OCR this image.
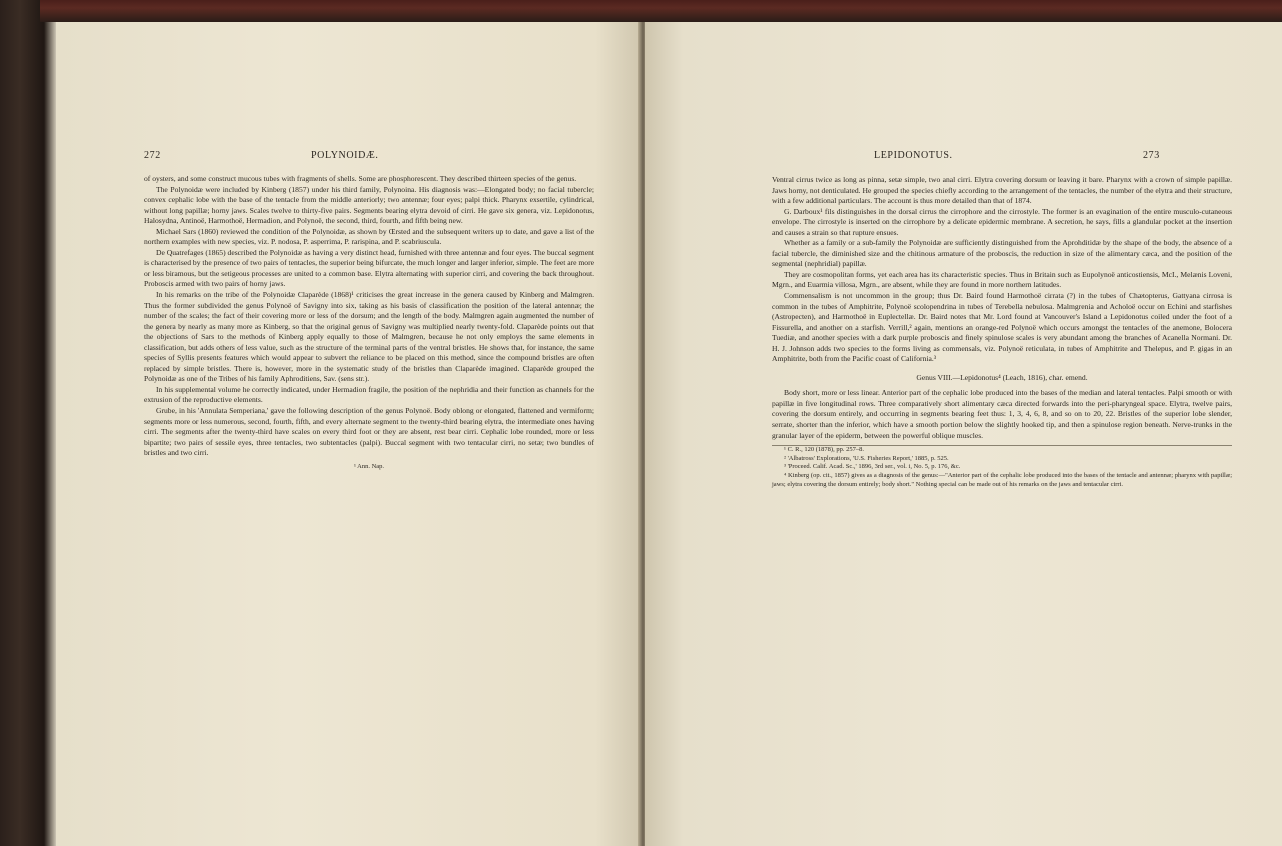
272	POLYNOIDÆ.

of oysters, and some construct mucous tubes with fragments of shells. Some are phosphorescent. They described thirteen species of the genus.

The Polynoidæ were included by Kinberg (1857) under his third family, Polynoina. His diagnosis was:—Elongated body; no facial tubercle; convex cephalic lobe with the base of the tentacle from the middle anteriorly; two antennæ; four eyes; palpi thick. Pharynx exsertile, cylindrical, without long papillæ; horny jaws. Scales twelve to thirty-five pairs. Segments bearing elytra devoid of cirri. He gave six genera, viz. Lepidonotus, Halosydna, Antinoë, Harmothoë, Hermadion, and Polynoë, the second, third, fourth, and fifth being new.

Michael Sars (1860) reviewed the condition of the Polynoidæ, as shown by Œrsted and the subsequent writers up to date, and gave a list of the northern examples with new species, viz. P. nodosa, P. asperrima, P. rarispina, and P. scabriuscula.

De Quatrefages (1865) described the Polynoidæ as having a very distinct head, furnished with three antennæ and four eyes. The buccal segment is characterised by the presence of two pairs of tentacles, the superior being bifurcate, the much longer and larger inferior, simple. The feet are more or less biramous, but the setigeous processes are united to a common base. Elytra alternating with superior cirri, and covering the back throughout. Proboscis armed with two pairs of horny jaws.

In his remarks on the tribe of the Polynoidæ Claparède (1868)¹ criticises the great increase in the genera caused by Kinberg and Malmgren. Thus the former subdivided the genus Polynoë of Savigny into six, taking as his basis of classification the position of the lateral antennæ; the number of the scales; the fact of their covering more or less of the dorsum; and the length of the body. Malmgren again augmented the number of the genera by nearly as many more as Kinberg, so that the original genus of Savigny was multiplied nearly twenty-fold. Claparède points out that the objections of Sars to the methods of Kinberg apply equally to those of Malmgren, because he not only employs the same elements in classification, but adds others of less value, such as the structure of the terminal parts of the ventral bristles. He shows that, for instance, the same species of Syllis presents features which would appear to subvert the reliance to be placed on this method, since the compound bristles are often replaced by simple bristles. There is, however, more in the systematic study of the bristles than Claparède imagined. Claparède grouped the Polynoidæ as one of the Tribes of his family Aphroditiens, Sav. (sens str.).

In his supplemental volume he correctly indicated, under Hermadion fragile, the position of the nephridia and their function as channels for the extrusion of the reproductive elements.

Grube, in his 'Annulata Semperiana,' gave the following description of the genus Polynoë. Body oblong or elongated, flattened and vermiform; segments more or less numerous, second, fourth, fifth, and every alternate segment to the twenty-third bearing elytra, the intermediate ones having cirri. The segments after the twenty-third have scales on every third foot or they are absent, rest bear cirri. Cephalic lobe rounded, more or less bipartite; two pairs of sessile eyes, three tentacles, two subtentacles (palpi). Buccal segment with two tentacular cirri, no setæ; two bundles of bristles and two cirri.

¹ Ann. Nap.

LEPIDONOTUS.	273

Ventral cirrus twice as long as pinna, setæ simple, two anal cirri. Elytra covering dorsum or leaving it bare. Pharynx with a crown of simple papillæ. Jaws horny, not denticulated. He grouped the species chiefly according to the arrangement of the tentacles, the number of the elytra and their structure, with a few additional particulars. The account is thus more detailed than that of 1874.

G. Darboux¹ fils distinguishes in the dorsal cirrus the cirrophore and the cirrostyle. The former is an evagination of the entire musculo-cutaneous envelope. The cirrostyle is inserted on the cirrophore by a delicate epidermic membrane. A secretion, he says, fills a glandular pocket at the insertion and causes a strain so that rupture ensues.

Whether as a family or a sub-family the Polynoidæ are sufficiently distinguished from the Aprohditidæ by the shape of the body, the absence of a facial tubercle, the diminished size and the chitinous armature of the proboscis, the reduction in size of the alimentary cæca, and the position of the segmental (nephridial) papillæ.

They are cosmopolitan forms, yet each area has its characteristic species. Thus in Britain such as Eupolynoë anticostiensis, McI., Melænis Loveni, Mgrn., and Euarmia villosa, Mgrn., are absent, while they are found in more northern latitudes.

Commensalism is not uncommon in the group; thus Dr. Baird found Harmothoë cirrata (?) in the tubes of Chætopterus, Gattyana cirrosa is common in the tubes of Amphitrite, Polynoë scolopendrina in tubes of Terebella nebulosa. Malmgrenia and Acholoë occur on Echini and starfishes (Astropecten), and Harmothoë in Euplectellæ. Dr. Baird notes that Mr. Lord found at Vancouver's Island a Lepidonotus coiled under the foot of a Fissurella, and another on a starfish. Verrill,² again, mentions an orange-red Polynoë which occurs amongst the tentacles of the anemone, Bolocera Tuediæ, and another species with a dark purple proboscis and finely spinulose scales is very abundant among the branches of Acanella Normani. Dr. H. J. Johnson adds two species to the forms living as commensals, viz. Polynoë reticulata, in tubes of Amphitrite and Thelepus, and P. gigas in an Amphitrite, both from the Pacific coast of California.³

Genus VIII.—Lepidonotus⁴ (Leach, 1816), char. emend.

Body short, more or less linear. Anterior part of the cephalic lobe produced into the bases of the median and lateral tentacles. Palpi smooth or with papillæ in five longitudinal rows. Three comparatively short alimentary cæca directed forwards into the peri-pharyngeal space. Elytra, twelve pairs, covering the dorsum entirely, and occurring in segments bearing feet thus: 1, 3, 4, 6, 8, and so on to 20, 22. Bristles of the superior lobe slender, serrate, shorter than the inferior, which have a smooth portion below the slightly hooked tip, and then a spinulose region beneath. Nerve-trunks in the granular layer of the epiderm, between the powerful oblique muscles.

¹ C. R., 120 (1878), pp. 257–8.

² 'Albatross' Explorations, 'U.S. Fisheries Report,' 1885, p. 525.

³ 'Proceed. Calif. Acad. Sc.,' 1896, 3rd ser., vol. i, No. 5, p. 176, &c.

⁴ Kinberg (op. cit., 1857) gives as a diagnosis of the genus:—"Anterior part of the cephalic lobe produced into the bases of the tentacle and antennæ; pharynx with papillæ; jaws; elytra covering the dorsum entirely; body short." Nothing special can be made out of his remarks on the jaws and tentacular cirri.
